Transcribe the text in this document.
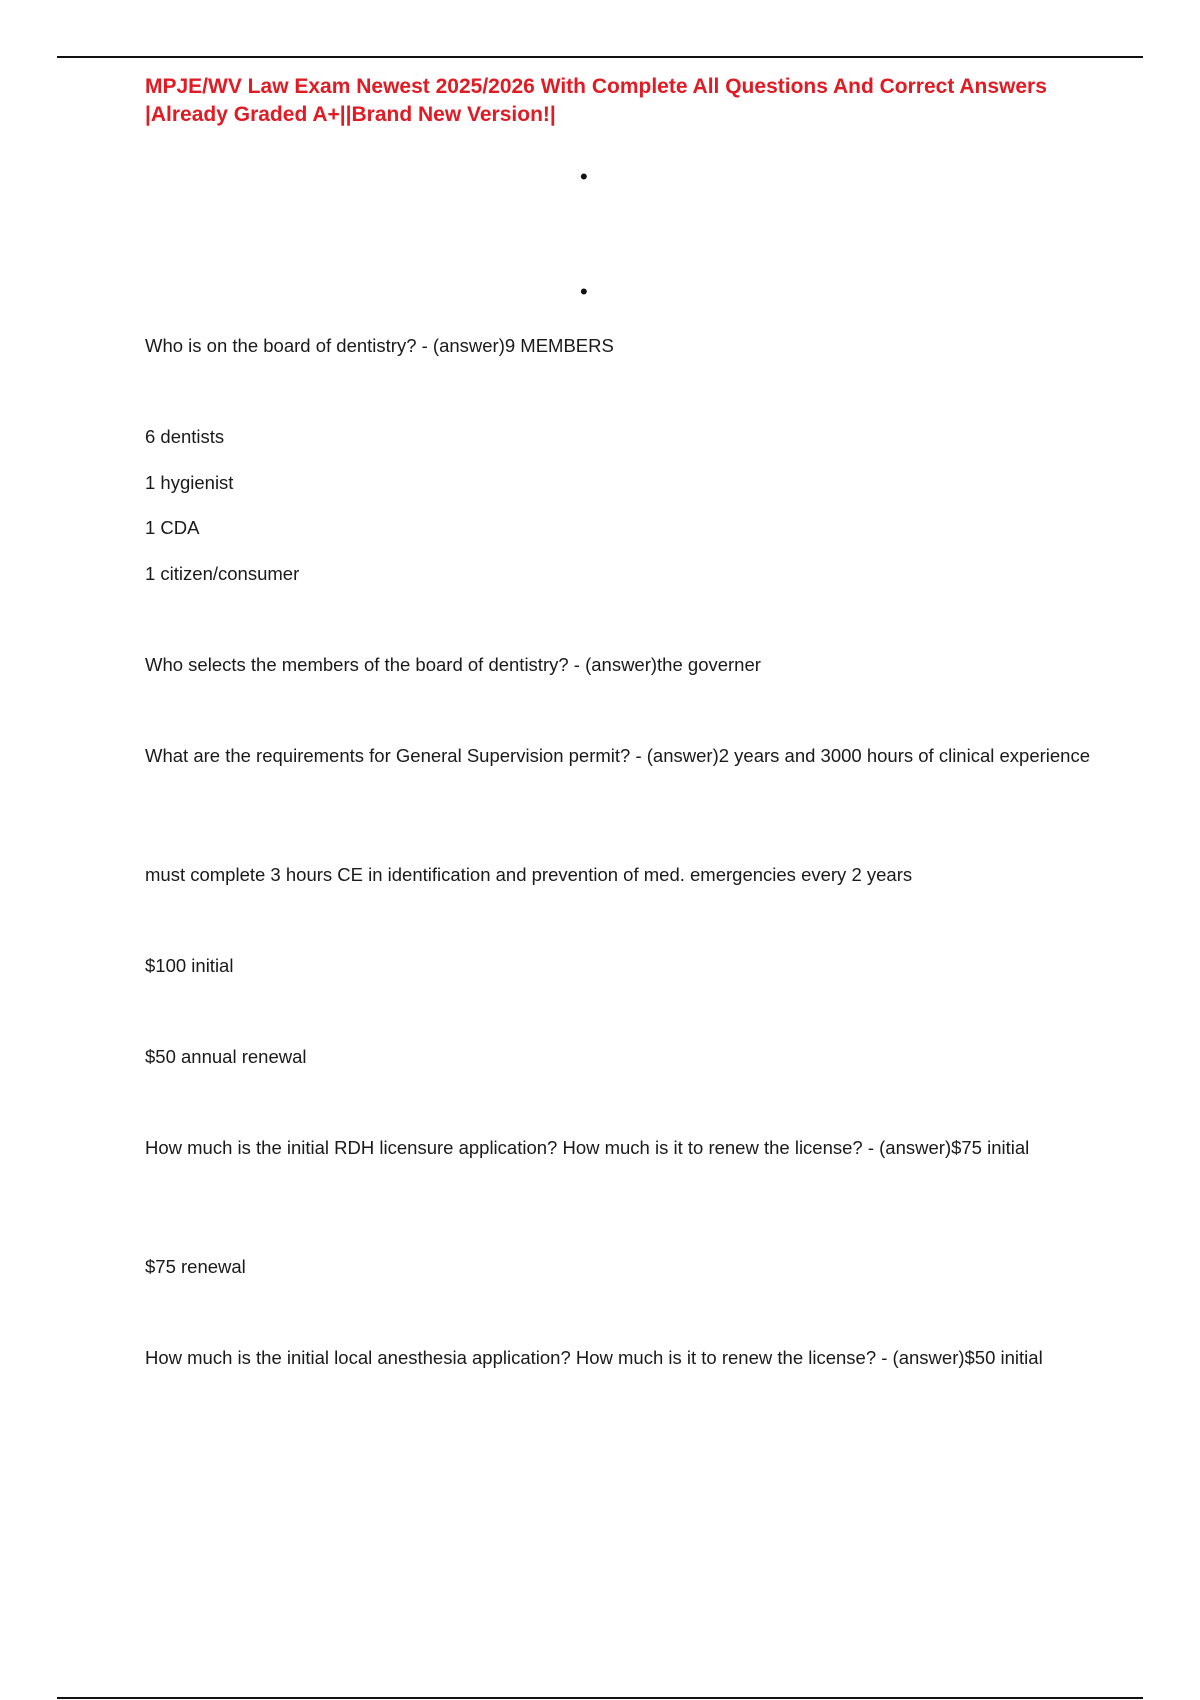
MPJE/WV Law Exam Newest 2025/2026 With Complete All Questions And Correct Answers |Already Graded A+||Brand New Version!|
•
•

Who is on the board of dentistry? - (answer)9 MEMBERS

6 dentists

1 hygienist

1 CDA

1 citizen/consumer

Who selects the members of the board of dentistry? - (answer)the governer

What are the requirements for General Supervision permit? - (answer)2 years and 3000 hours of clinical experience

must complete 3 hours CE in identification and prevention of med. emergencies every 2 years

$100 initial

$50 annual renewal

How much is the initial RDH licensure application? How much is it to renew the license? - (answer)$75 initial

$75 renewal

How much is the initial local anesthesia application? How much is it to renew the license? - (answer)$50 initial
